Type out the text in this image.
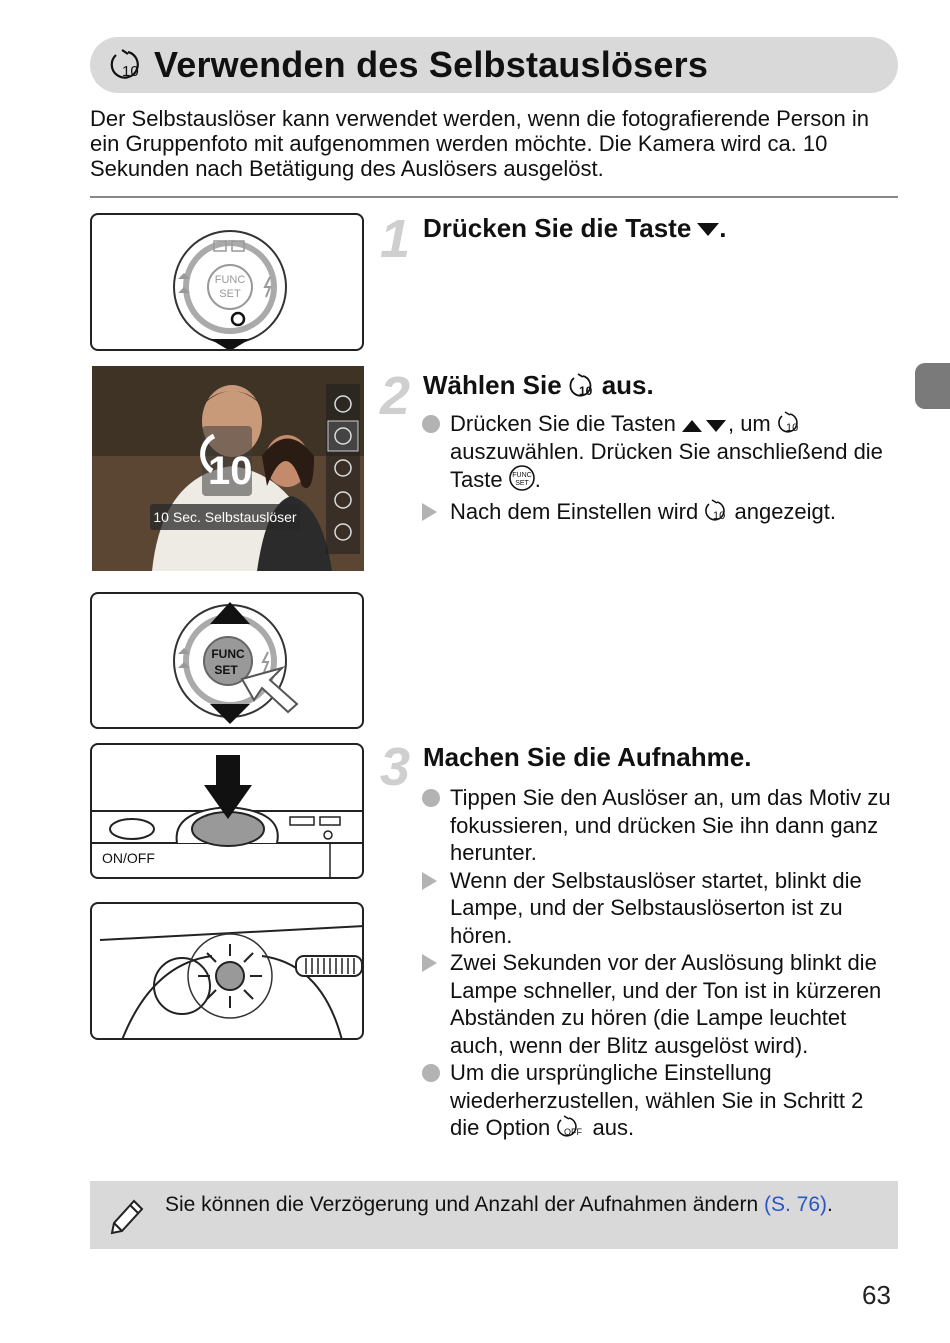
10 Verwenden des Selbstauslösers
Der Selbstauslöser kann verwendet werden, wenn die fotografierende Person in ein Gruppenfoto mit aufgenommen werden möchte. Die Kamera wird ca. 10 Sekunden nach Betätigung des Auslösers ausgelöst.
FUNC
SET
10
10 Sec. Selbstauslöser
FUNC
SET
ON/OFF
1 Drücken Sie die Taste .
2 Wählen Sie 10 aus.
Drücken Sie die Tasten , um 10
auszuwählen. Drücken Sie anschließend die Taste FUNC
SET .
Nach dem Einstellen wird 10 angezeigt.
3 Machen Sie die Aufnahme.
Tippen Sie den Auslöser an, um das Motiv zu fokussieren, und drücken Sie ihn dann ganz herunter.
Wenn der Selbstauslöser startet, blinkt die Lampe, und der Selbstauslöserton ist zu hören.
Zwei Sekunden vor der Auslösung blinkt die Lampe schneller, und der Ton ist in kürzeren Abständen zu hören (die Lampe leuchtet auch, wenn der Blitz ausgelöst wird).
Um die ursprüngliche Einstellung wiederherzustellen, wählen Sie in Schritt 2 die Option OFF aus.
Sie können die Verzögerung und Anzahl der Aufnahmen ändern (S. 76).
63
